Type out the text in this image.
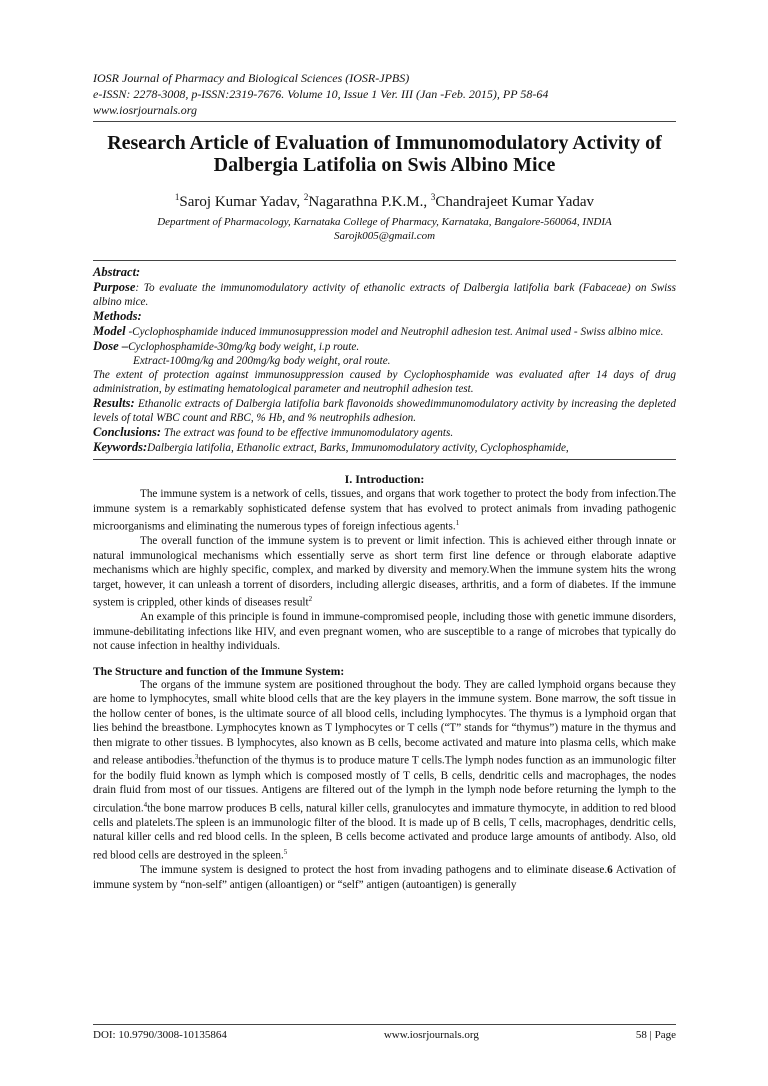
IOSR Journal of Pharmacy and Biological Sciences (IOSR-JPBS)
e-ISSN: 2278-3008, p-ISSN:2319-7676. Volume 10, Issue 1 Ver. III (Jan -Feb. 2015), PP 58-64
www.iosrjournals.org
Research Article of Evaluation of Immunomodulatory Activity of Dalbergia Latifolia on Swis Albino Mice
$^1$Saroj Kumar Yadav, $^2$Nagarathna P.K.M., $^3$Chandrajeet Kumar Yadav
Department of Pharmacology, Karnataka College of Pharmacy, Karnataka, Bangalore-560064, INDIA
Sarojk005@gmail.com

Abstract:

Purpose: To evaluate the immunomodulatory activity of ethanolic extracts of Dalbergia latifolia bark (Fabaceae) on Swiss albino mice.

Methods:

Model -Cyclophosphamide induced immunosuppression model and Neutrophil adhesion test. Animal used - Swiss albino mice.

Dose –Cyclophosphamide-30mg/kg body weight, i.p route.

Extract-100mg/kg and 200mg/kg body weight, oral route.

The extent of protection against immunosuppression caused by Cyclophosphamide was evaluated after 14 days of drug administration, by estimating hematological parameter and neutrophil adhesion test.

Results: Ethanolic extracts of Dalbergia latifolia bark flavonoids showedimmunomodulatory activity by increasing the depleted levels of total WBC count and RBC, % Hb, and % neutrophils adhesion.

Conclusions: The extract was found to be effective immunomodulatory agents.

Keywords:Dalbergia latifolia, Ethanolic extract, Barks, Immunomodulatory activity, Cyclophosphamide,

I. Introduction:

The immune system is a network of cells, tissues, and organs that work together to protect the body from infection.The immune system is a remarkably sophisticated defense system that has evolved to protect animals from invading pathogenic microorganisms and eliminating the numerous types of foreign infectious agents.$^1$

The overall function of the immune system is to prevent or limit infection. This is achieved either through innate or natural immunological mechanisms which essentially serve as short term first line defence or through elaborate adaptive mechanisms which are highly specific, complex, and marked by diversity and memory.When the immune system hits the wrong target, however, it can unleash a torrent of disorders, including allergic diseases, arthritis, and a form of diabetes. If the immune system is crippled, other kinds of diseases result$^2$

An example of this principle is found in immune-compromised people, including those with genetic immune disorders, immune-debilitating infections like HIV, and even pregnant women, who are susceptible to a range of microbes that typically do not cause infection in healthy individuals.

The Structure and function of the Immune System:

The organs of the immune system are positioned throughout the body. They are called lymphoid organs because they are home to lymphocytes, small white blood cells that are the key players in the immune system. Bone marrow, the soft tissue in the hollow center of bones, is the ultimate source of all blood cells, including lymphocytes. The thymus is a lymphoid organ that lies behind the breastbone. Lymphocytes known as T lymphocytes or T cells (“T” stands for “thymus”) mature in the thymus and then migrate to other tissues. B lymphocytes, also known as B cells, become activated and mature into plasma cells, which make and release antibodies.$^3$thefunction of the thymus is to produce mature T cells.The lymph nodes function as an immunologic filter for the bodily fluid known as lymph which is composed mostly of T cells, B cells, dendritic cells and macrophages, the nodes drain fluid from most of our tissues. Antigens are filtered out of the lymph in the lymph node before returning the lymph to the circulation.$^4$the bone marrow produces B cells, natural killer cells, granulocytes and immature thymocyte, in addition to red blood cells and platelets.The spleen is an immunologic filter of the blood. It is made up of B cells, T cells, macrophages, dendritic cells, natural killer cells and red blood cells. In the spleen, B cells become activated and produce large amounts of antibody. Also, old red blood cells are destroyed in the spleen.$^5$

The immune system is designed to protect the host from invading pathogens and to eliminate disease.6 Activation of immune system by “non-self” antigen (alloantigen) or “self” antigen (autoantigen) is generally

DOI: 10.9790/3008-10135864	www.iosrjournals.org	58 | Page
